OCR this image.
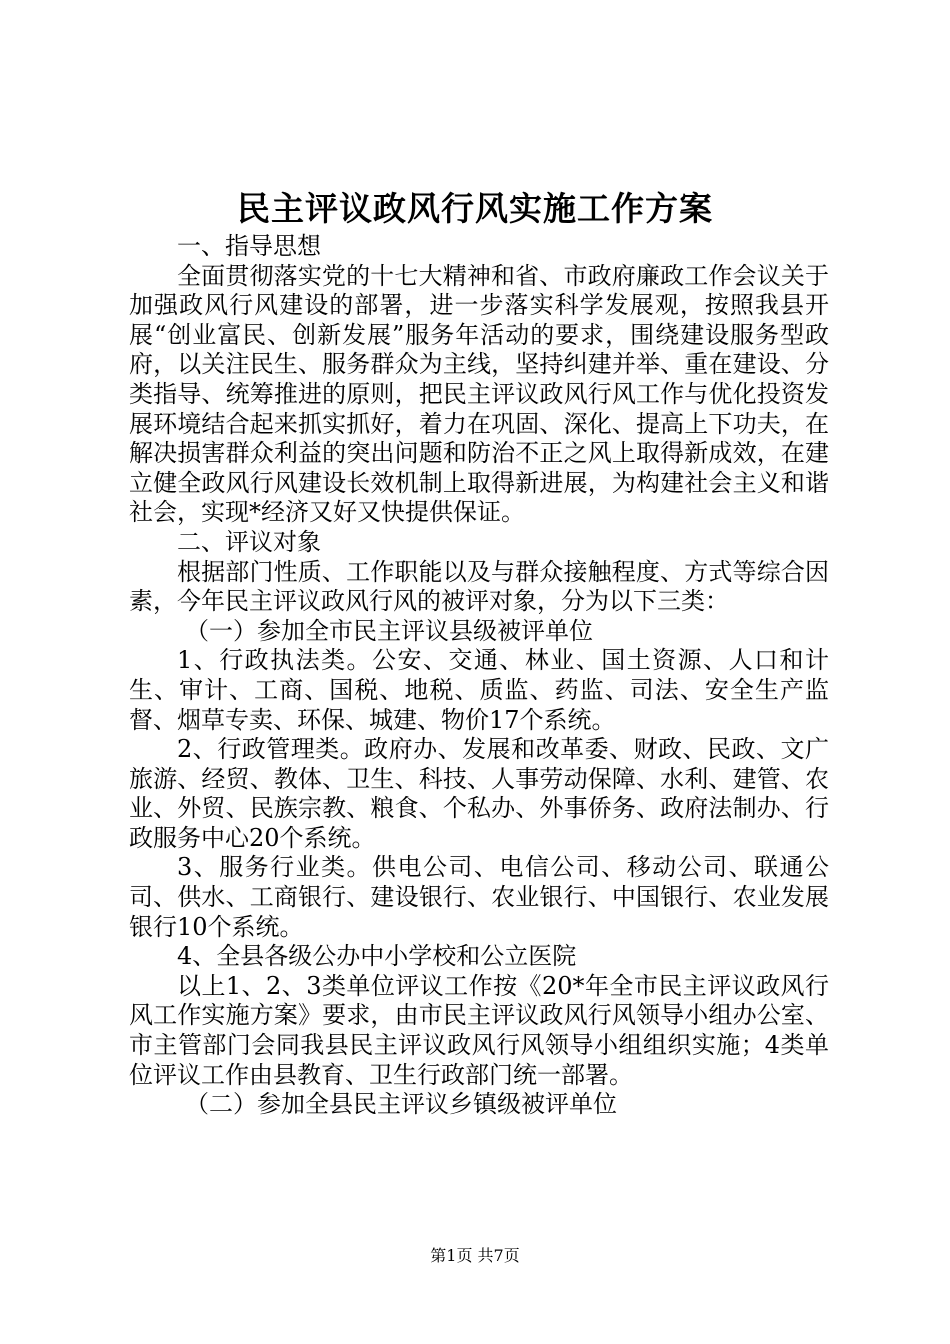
民主评议政风行风实施工作方案

一、指导思想

全面贯彻落实党的十七大精神和省、市政府廉政工作会议关于加强政风行风建设的部署，进一步落实科学发展观，按照我县开展“创业富民、创新发展”服务年活动的要求，围绕建设服务型政府，以关注民生、服务群众为主线，坚持纠建并举、重在建设、分类指导、统筹推进的原则，把民主评议政风行风工作与优化投资发展环境结合起来抓实抓好，着力在巩固、深化、提高上下功夫，在解决损害群众利益的突出问题和防治不正之风上取得新成效，在建立健全政风行风建设长效机制上取得新进展，为构建社会主义和谐社会，实现*经济又好又快提供保证。

二、评议对象

根据部门性质、工作职能以及与群众接触程度、方式等综合因素，今年民主评议政风行风的被评对象，分为以下三类：

（一）参加全市民主评议县级被评单位

1、行政执法类。公安、交通、林业、国土资源、人口和计生、审计、工商、国税、地税、质监、药监、司法、安全生产监督、烟草专卖、环保、城建、物价17个系统。

2、行政管理类。政府办、发展和改革委、财政、民政、文广旅游、经贸、教体、卫生、科技、人事劳动保障、水利、建管、农业、外贸、民族宗教、粮食、个私办、外事侨务、政府法制办、行政服务中心20个系统。

3、服务行业类。供电公司、电信公司、移动公司、联通公司、供水、工商银行、建设银行、农业银行、中国银行、农业发展银行10个系统。

4、全县各级公办中小学校和公立医院

以上1、2、3类单位评议工作按《20*年全市民主评议政风行风工作实施方案》要求，由市民主评议政风行风领导小组办公室、市主管部门会同我县民主评议政风行风领导小组组织实施；4类单位评议工作由县教育、卫生行政部门统一部署。

（二）参加全县民主评议乡镇级被评单位

第1页 共7页
